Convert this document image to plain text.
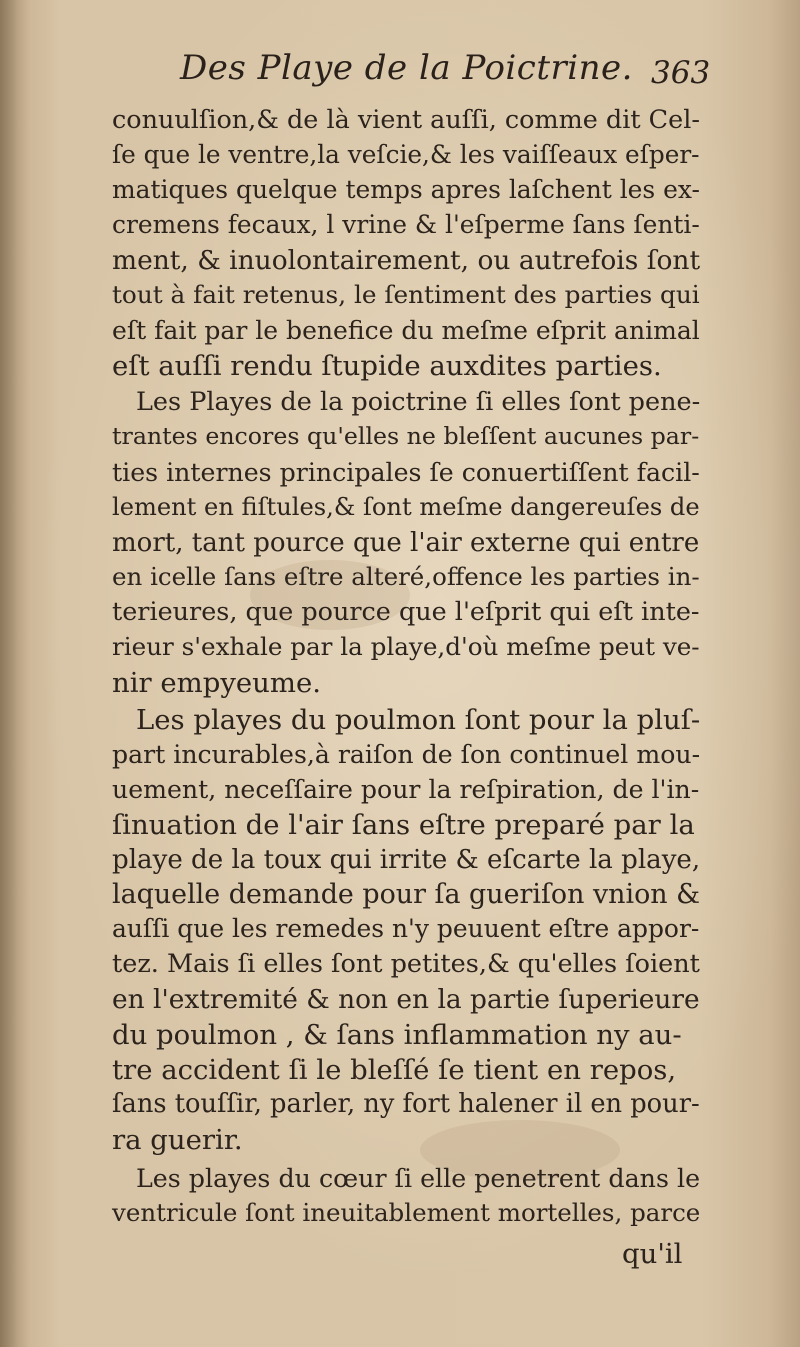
Des Playe de la Poictrine. 363

conuulſion,& de là vient auſſi, comme dit Cel-

ſe que le ventre,la veſcie,& les vaiſſeaux eſper-

matiques quelque temps apres laſchent les ex-

cremens fecaux, l vrine & l'eſperme ſans ſenti-

ment, & inuolontairement, ou autrefois ſont

tout à fait retenus, le ſentiment des parties qui

eſt fait par le benefice du meſme eſprit animal

eſt auſſi rendu ſtupide auxdites parties.

Les Playes de la poictrine ſi elles ſont pene-

trantes encores qu'elles ne bleſſent aucunes par-

ties internes principales ſe conuertiſſent facil-

lement en fiſtules,& ſont meſme dangereuſes de

mort, tant pource que l'air externe qui entre

en icelle ſans eſtre alteré,offence les parties in-

terieures, que pource que l'eſprit qui eſt inte-

rieur s'exhale par la playe,d'où meſme peut ve-

nir empyeume.

Les playes du poulmon ſont pour la pluſ-

part incurables,à raiſon de ſon continuel mou-

uement, neceſſaire pour la reſpiration, de l'in-

ſinuation de l'air ſans eſtre preparé par la

playe de la toux qui irrite & eſcarte la playe,

laquelle demande pour ſa gueriſon vnion &

auſſi que les remedes n'y peuuent eſtre appor-

tez. Mais ſi elles ſont petites,& qu'elles ſoient

en l'extremité & non en la partie ſuperieure

du poulmon , & ſans inflammation ny au-

tre accident ſi le bleſſé ſe tient en repos,

ſans touſſir, parler, ny fort halener il en pour-

ra guerir.

Les playes du cœur ſi elle penetrent dans le

ventricule ſont ineuitablement mortelles, parce

qu'il
